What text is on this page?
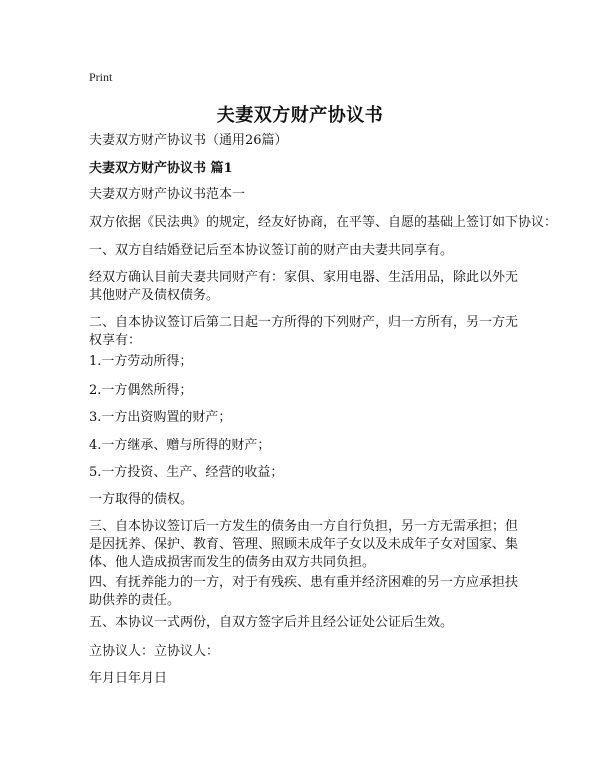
Print
夫妻双方财产协议书

夫妻双方财产协议书（通用26篇）

夫妻双方财产协议书 篇1

夫妻双方财产协议书范本一

双方依据《民法典》的规定，经友好协商，在平等、自愿的基础上签订如下协议：

一、双方自结婚登记后至本协议签订前的财产由夫妻共同享有。

经双方确认目前夫妻共同财产有：家俱、家用电器、生活用品，除此以外无其他财产及债权债务。

二、自本协议签订后第二日起一方所得的下列财产，归一方所有，另一方无权享有：

1.一方劳动所得；

2.一方偶然所得；

3.一方出资购置的财产；

4.一方继承、赠与所得的财产；

5.一方投资、生产、经营的收益；

一方取得的债权。

三、自本协议签订后一方发生的债务由一方自行负担，另一方无需承担；但是因抚养、保护、教育、管理、照顾未成年子女以及未成年子女对国家、集体、他人造成损害而发生的债务由双方共同负担。

四、有抚养能力的一方，对于有残疾、患有重并经济困难的另一方应承担扶助供养的责任。

五、本协议一式两份，自双方签字后并且经公证处公证后生效。

立协议人：立协议人：

年月日年月日
